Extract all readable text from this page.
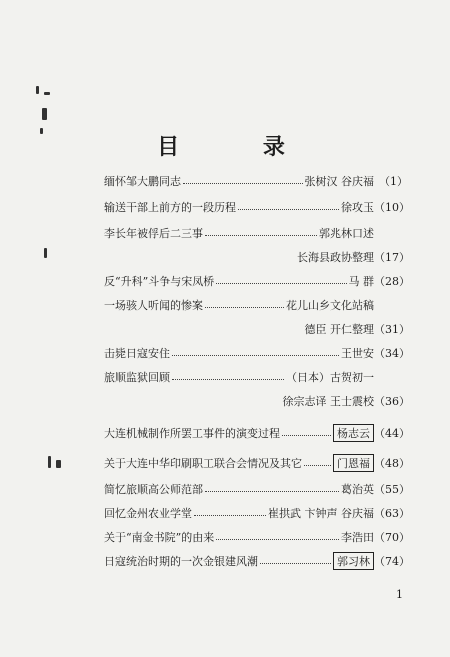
目 录
缅怀邹大鹏同志	张树汉 谷庆福 （1）
输送干部上前方的一段历程	徐攻玉 （10）
李长年被俘后二三事	郭兆林口述
长海县政协整理 （17）
反“升科”斗争与宋凤桥	马 群 （28）
一场骇人听闻的惨案	花儿山乡文化站稿
德臣 开仁整理 （31）
击毙日寇安住	王世安 （34）
旅顺监狱回顾	（日本）古贺初一
徐宗志译 王士震校 （36）
大连机械制作所罢工事件的演变过程	杨志云 （44）
关于大连中华印刷职工联合会情况及其它	门恩福 （48）
简忆旅顺高公师范部	葛治英 （55）
回忆金州农业学堂	崔拱武 卞钟声 谷庆福 （63）
关于“南金书院”的由来	李浩田 （70）
日寇统治时期的一次金银建风潮	郭习林 （74）
1
